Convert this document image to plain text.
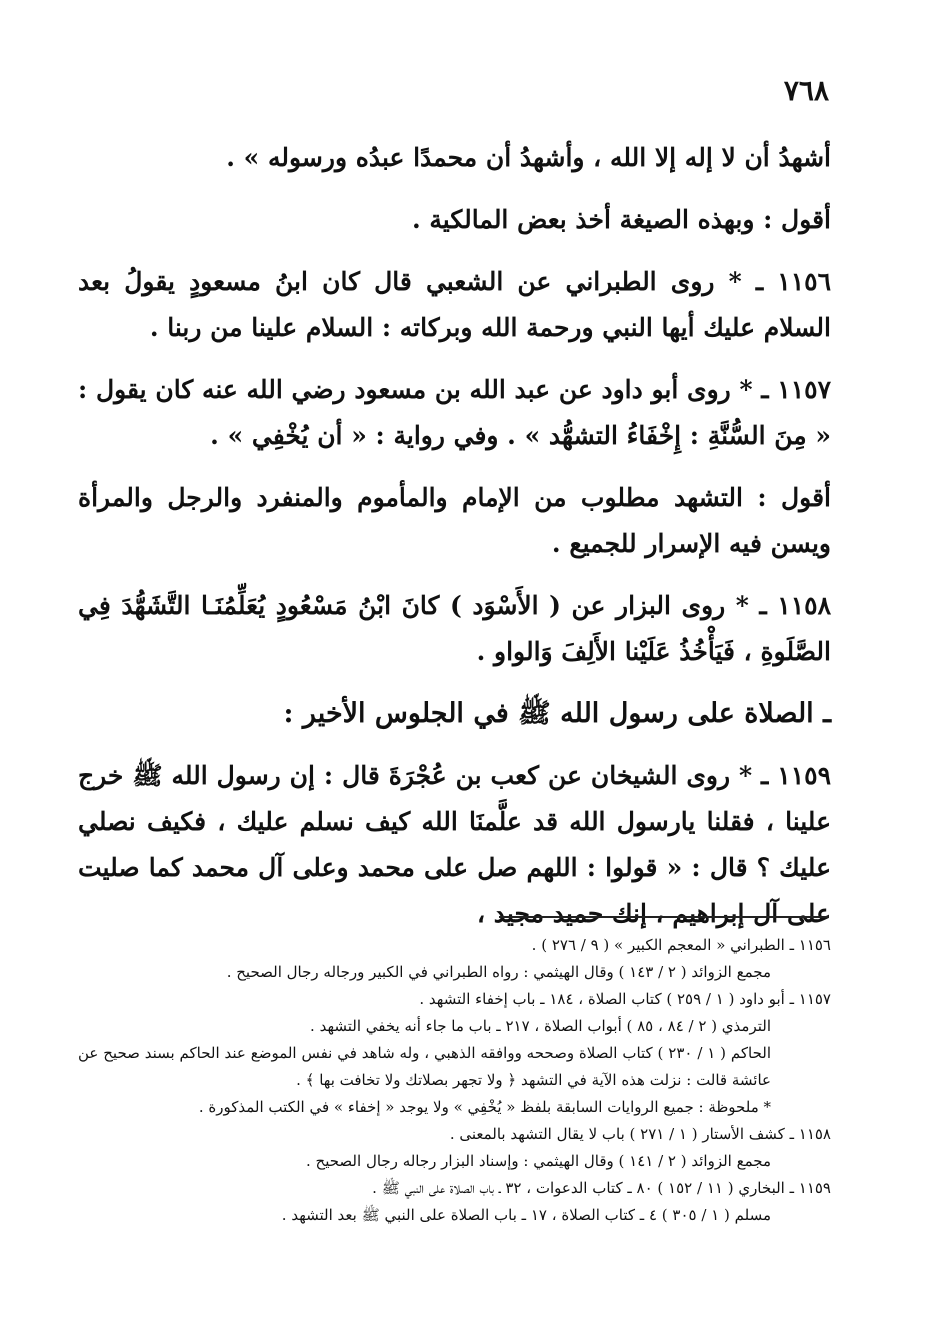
٧٦٨

أشهدُ أن لا إله إلا الله ، وأشهدُ أن محمدًا عبدُه ورسوله » .

أقول : وبهذه الصيغة أخذ بعض المالكية .

١١٥٦ ـ * روى الطبراني عن الشعبي قال كان ابنُ مسعودٍ يقولُ بعد السلام عليك أيها النبي ورحمة الله وبركاته : السلام علينا من ربنا .

١١٥٧ ـ * روى أبو داود عن عبد الله بن مسعود رضي الله عنه كان يقول : « مِنَ السُّنَّةِ : إِخْفَاءُ التشهُّد » . وفي رواية : « أن يُخْفِي » .

أقول : التشهد مطلوب من الإمام والمأموم والمنفرد والرجل والمرأة ويسن فيه الإسرار للجميع .

١١٥٨ ـ * روى البزار عن ( الأَسْوَد ) كانَ ابْنُ مَسْعُودٍ يُعَلِّمُنَـا التَّشَهُّدَ فِي الصَّلَوةِ ، فَيَأْخُذُ عَلَيْنا الأَلِفَ وَالواو .

ـ الصلاة على رسول الله ﷺ في الجلوس الأخير :

١١٥٩ ـ * روى الشيخان عن كعب بن عُجْرَةَ قال : إن رسول الله ﷺ خرج علينا ، فقلنا يارسول الله قد علَّمنَا الله كيف نسلم عليك ، فكيف نصلي عليك ؟ قال : « قولوا : اللهم صل على محمد وعلى آل محمد كما صليت على آل إبراهيم ، إنك حميد مجيد ،

١١٥٦ ـ الطبراني « المعجم الكبير » ( ٩ / ٢٧٦ ) .

مجمع الزوائد ( ٢ / ١٤٣ ) وقال الهيثمي : رواه الطبراني في الكبير ورجاله رجال الصحيح .

١١٥٧ ـ أبو داود ( ١ / ٢٥٩ ) كتاب الصلاة ، ١٨٤ ـ باب إخفاء التشهد .

الترمذي ( ٢ / ٨٤ ، ٨٥ ) أبواب الصلاة ، ٢١٧ ـ باب ما جاء أنه يخفي التشهد .

الحاكم ( ١ / ٢٣٠ ) كتاب الصلاة وصححه ووافقه الذهبي ، وله شاهد في نفس الموضع عند الحاكم بسند صحيح عن عائشة قالت : نزلت هذه الآية في التشهد ﴿ ولا تجهر بصلاتك ولا تخافت بها ﴾ .

* ملحوظة : جميع الروايات السابقة بلفظ « يُخْفِي » ولا يوجد « إخفاء » في الكتب المذكورة .

١١٥٨ ـ كشف الأستار ( ١ / ٢٧١ ) باب لا يقال التشهد بالمعنى .

مجمع الزوائد ( ٢ / ١٤١ ) وقال الهيثمي : وإسناد البزار رجاله رجال الصحيح .

١١٥٩ ـ البخاري ( ١١ / ١٥٢ ) ٨٠ ـ كتاب الدعوات ، ٣٢ ـ باب الصلاة على النبي ﷺ .

مسلم ( ١ / ٣٠٥ ) ٤ ـ كتاب الصلاة ، ١٧ ـ باب الصلاة على النبي ﷺ بعد التشهد .
